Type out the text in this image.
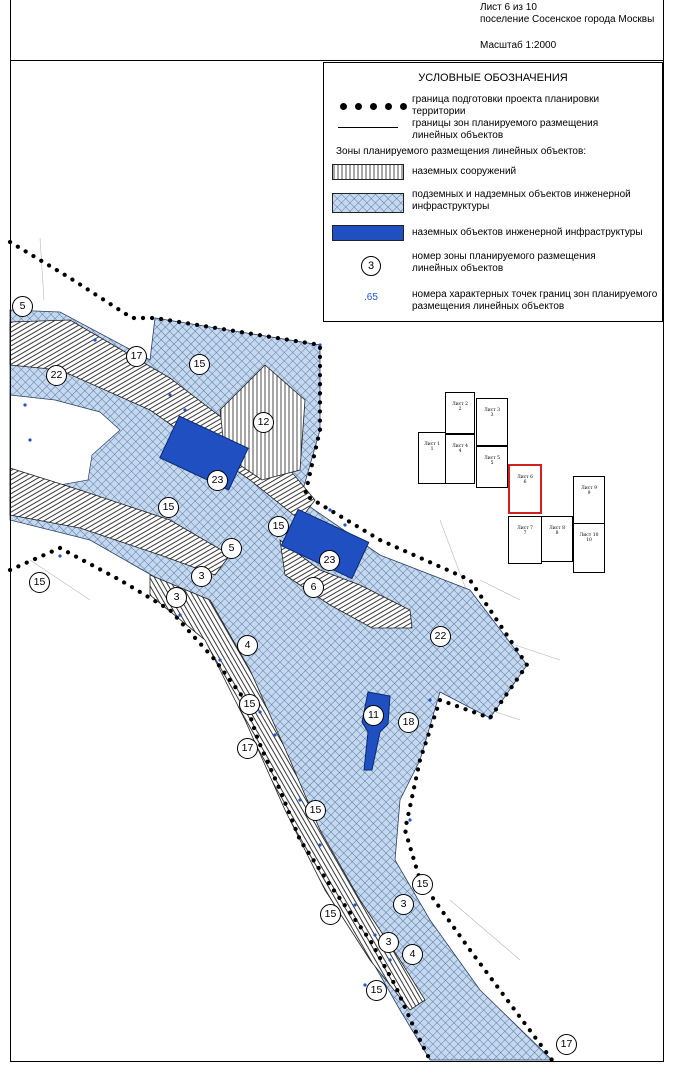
5
17
15
22
12
23
15
15
5
3
3
15
23
6
22
4
15
17
11
18
15
15
3
15
3
4
15
17
Лист 6 из 10
поселение Сосенское города Москвы
Масштаб 1:2000
УСЛОВНЫЕ ОБОЗНАЧЕНИЯ
граница подготовки проекта планировки территории
границы зон планируемого размещения линейных объектов
Зоны планируемого размещения линейных объектов:
наземных сооружений
подземных и надземных объектов инженерной инфраструктуры
наземных объектов инженерной инфраструктуры
3
номер зоны планируемого размещения линейных объектов
.65	номера характерных точек границ зон планируемого размещения линейных объектов
Лист 1
1
Лист 2
2	Лист 3
3
Лист 4
4
Лист 5
5
Лист 6
6
Лист 7
7
Лист 8
8
Лист 9
9
Лист 10
10
